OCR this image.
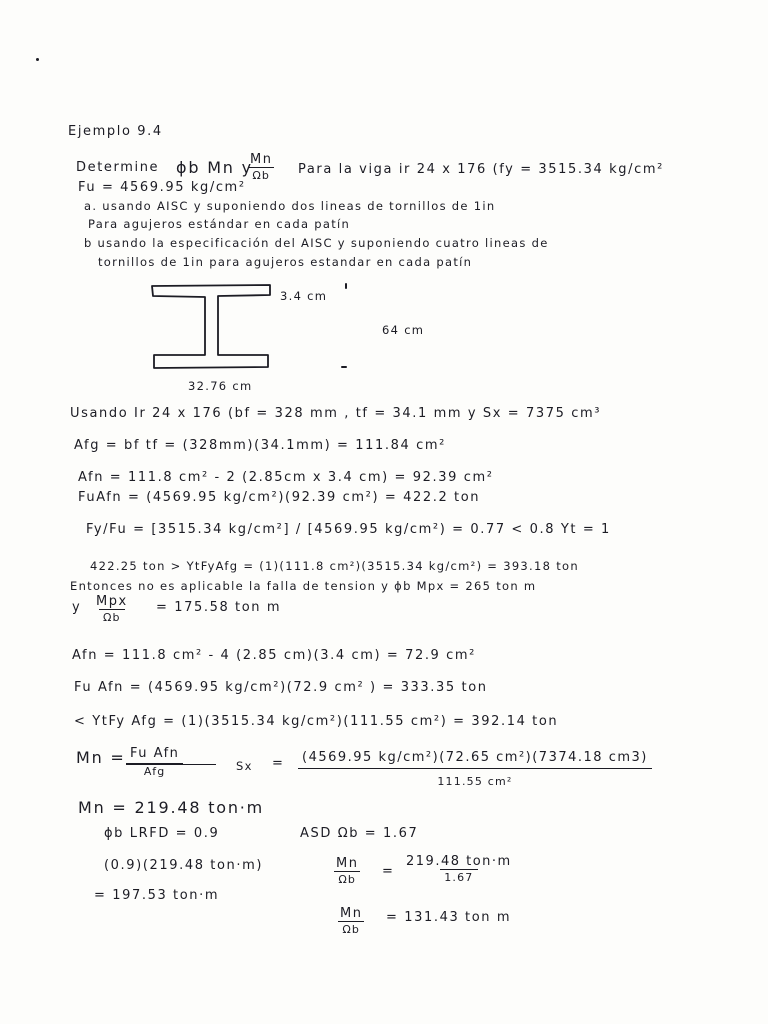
Ejemplo 9.4
Determine ϕb Mn y
Mn
Ωb	Para la viga ir 24 x 176 (fy = 3515.34 kg/cm²
Fu = 4569.95 kg/cm²
a. usando AISC y suponiendo dos lineas de tornillos de 1in
Para agujeros estándar en cada patín
b usando la especificación del AISC y suponiendo cuatro lineas de
tornillos de 1in para agujeros estandar en cada patín
3.4 cm
64 cm
32.76 cm
Usando Ir 24 x 176 (bf = 328 mm , tf = 34.1 mm y Sx = 7375 cm³
Afg = bf tf = (328mm)(34.1mm) = 111.84 cm²
Afn = 111.8 cm² - 2 (2.85cm x 3.4 cm) = 92.39 cm²
FuAfn = (4569.95 kg/cm²)(92.39 cm²) = 422.2 ton
Fy/Fu = [3515.34 kg/cm²] / [4569.95 kg/cm²) = 0.77 < 0.8 Yt = 1
422.25 ton > YtFyAfg = (1)(111.8 cm²)(3515.34 kg/cm²) = 393.18 ton
Entonces no es aplicable la falla de tension y ϕb Mpx = 265 ton m
y	Mpx
Ωb
= 175.58 ton m
Afn = 111.8 cm² - 4 (2.85 cm)(3.4 cm) = 72.9 cm²
Fu Afn = (4569.95 kg/cm²)(72.9 cm² ) = 333.35 ton
< YtFy Afg = (1)(3515.34 kg/cm²)(111.55 cm²) = 392.14 ton
Mn = Fu Afn
Afg	Sx =	(4569.95 kg/cm²)(72.65 cm²)(7374.18 cm3)
111.55 cm²
Mn = 219.48 ton·m
ϕb LRFD = 0.9	ASD Ωb = 1.67
(0.9)(219.48 ton·m)
= 197.53 ton·m
Mn
Ωb
=
219.48 ton·m
1.67
Mn
Ωb
= 131.43 ton m
